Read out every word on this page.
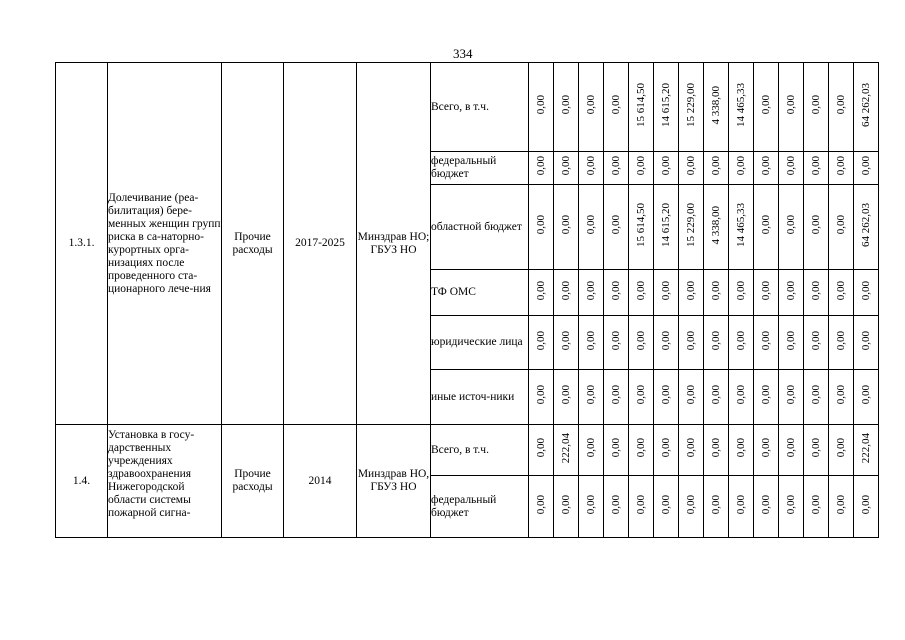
334
1.3.1.	Долечивание (реа-билитация) бере-менных женщин групп риска в са-наторно-курортных орга-низациях после проведенного ста-ционарного лече-ния	Прочие расходы	2017-2025	Минздрав НО; ГБУЗ НО	Всего, в т.ч.	0,00	0,00	0,00	0,00	15 614,50	14 615,20	15 229,00	4 338,00	14 465,33	0,00	0,00	0,00	0,00	64 262,03
					федеральный бюджет	0,00	0,00	0,00	0,00	0,00	0,00	0,00	0,00	0,00	0,00	0,00	0,00	0,00	0,00
					областной бюджет	0,00	0,00	0,00	0,00	15 614,50	14 615,20	15 229,00	4 338,00	14 465,33	0,00	0,00	0,00	0,00	64 262,03
					ТФ ОМС	0,00	0,00	0,00	0,00	0,00	0,00	0,00	0,00	0,00	0,00	0,00	0,00	0,00	0,00
					юридические лица	0,00	0,00	0,00	0,00	0,00	0,00	0,00	0,00	0,00	0,00	0,00	0,00	0,00	0,00
					иные источ-ники	0,00	0,00	0,00	0,00	0,00	0,00	0,00	0,00	0,00	0,00	0,00	0,00	0,00	0,00

1.4.	Установка в госу-дарственных учреждениях здравоохранения Нижегородской области системы пожарной сигна-	Прочие расходы	2014	Минздрав НО, ГБУЗ НО	Всего, в т.ч.	0,00	222,04	0,00	0,00	0,00	0,00	0,00	0,00	0,00	0,00	0,00	0,00	0,00	222,04
					федеральный бюджет	0,00	0,00	0,00	0,00	0,00	0,00	0,00	0,00	0,00	0,00	0,00	0,00	0,00	0,00
